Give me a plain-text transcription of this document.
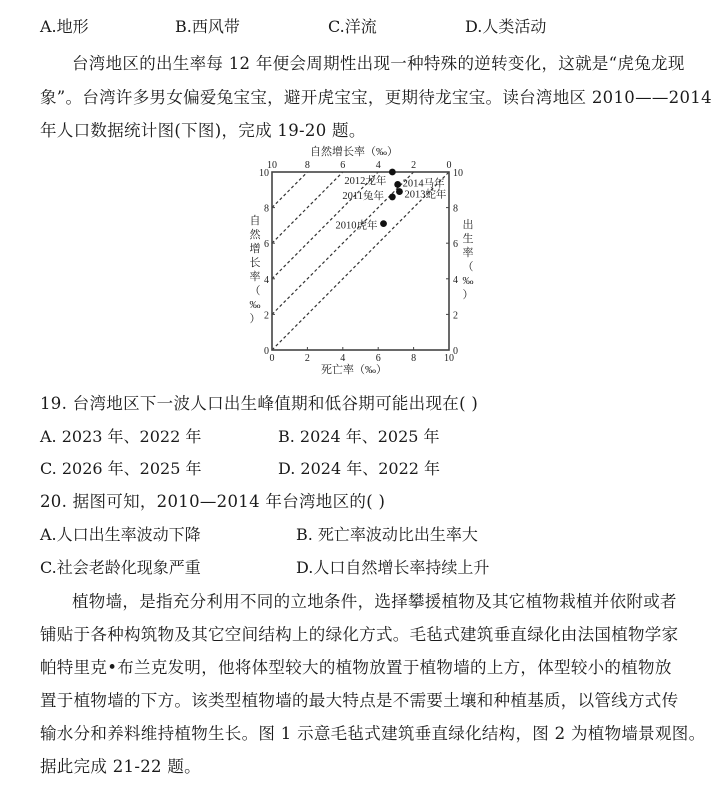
A.地形	B.西风带	C.洋流	D.人类活动
台湾地区的出生率每 12 年便会周期性出现一种特殊的逆转变化，这就是“虎兔龙现
象”。台湾许多男女偏爱兔宝宝，避开虎宝宝，更期待龙宝宝。读台湾地区 2010——2014
年人口数据统计图(下图)，完成 19-20 题。
自然增长率（‰）
死亡率（‰）
自
然
增
长
率
（
‰
）
出
生
率
（
‰
）
0	2	4	6	8	10
10	8	6	4	2	0
0
2
4
6
8
10
0
2
4
6
8
10
2010虎年
2011兔年
2012龙年
2013蛇年
2014马年
19. 台湾地区下一波人口出生峰值期和低谷期可能出现在( )
A. 2023 年、2022 年	B. 2024 年、2025 年
C. 2026 年、2025 年	D. 2024 年、2022 年
20. 据图可知，2010—2014 年台湾地区的( )
A.人口出生率波动下降	B. 死亡率波动比出生率大
C.社会老龄化现象严重	D.人口自然增长率持续上升
植物墙，是指充分利用不同的立地条件，选择攀援植物及其它植物栽植并依附或者
铺贴于各种构筑物及其它空间结构上的绿化方式。毛毡式建筑垂直绿化由法国植物学家
帕特里克•布兰克发明，他将体型较大的植物放置于植物墙的上方，体型较小的植物放
置于植物墙的下方。该类型植物墙的最大特点是不需要土壤和种植基质，以管线方式传
输水分和养料维持植物生长。图 1 示意毛毡式建筑垂直绿化结构，图 2 为植物墙景观图。
据此完成 21-22 题。
